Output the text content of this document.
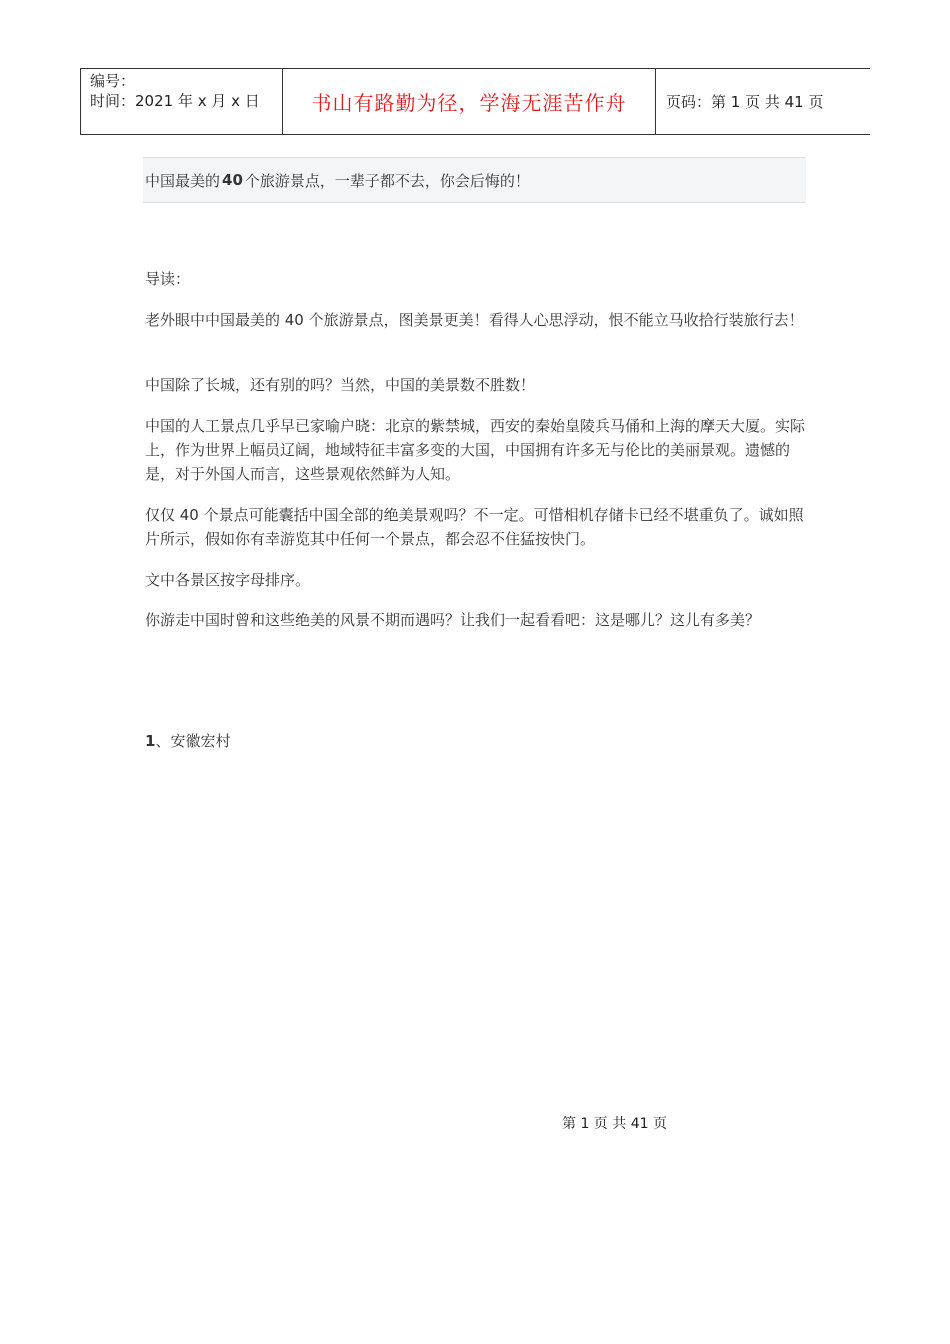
编号：
时间：2021 年 x 月 x 日	书山有路勤为径，学海无涯苦作舟	页码：第 1 页 共 41 页
中国最美的 40 个旅游景点，一辈子都不去，你会后悔的！
导读：
老外眼中中国最美的 40 个旅游景点，图美景更美！看得人心思浮动，恨不能立马收拾行装旅行去！
中国除了长城，还有别的吗？当然，中国的美景数不胜数！
中国的人工景点几乎早已家喻户晓：北京的紫禁城，西安的秦始皇陵兵马俑和上海的摩天大厦。实际上，作为世界上幅员辽阔，地域特征丰富多变的大国，中国拥有许多无与伦比的美丽景观。遗憾的是，对于外国人而言，这些景观依然鲜为人知。
仅仅 40 个景点可能囊括中国全部的绝美景观吗？不一定。可惜相机存储卡已经不堪重负了。诚如照片所示，假如你有幸游览其中任何一个景点，都会忍不住猛按快门。
文中各景区按字母排序。
你游走中国时曾和这些绝美的风景不期而遇吗？让我们一起看看吧：这是哪儿？这儿有多美？
1、安徽宏村
第 1 页 共 41 页
